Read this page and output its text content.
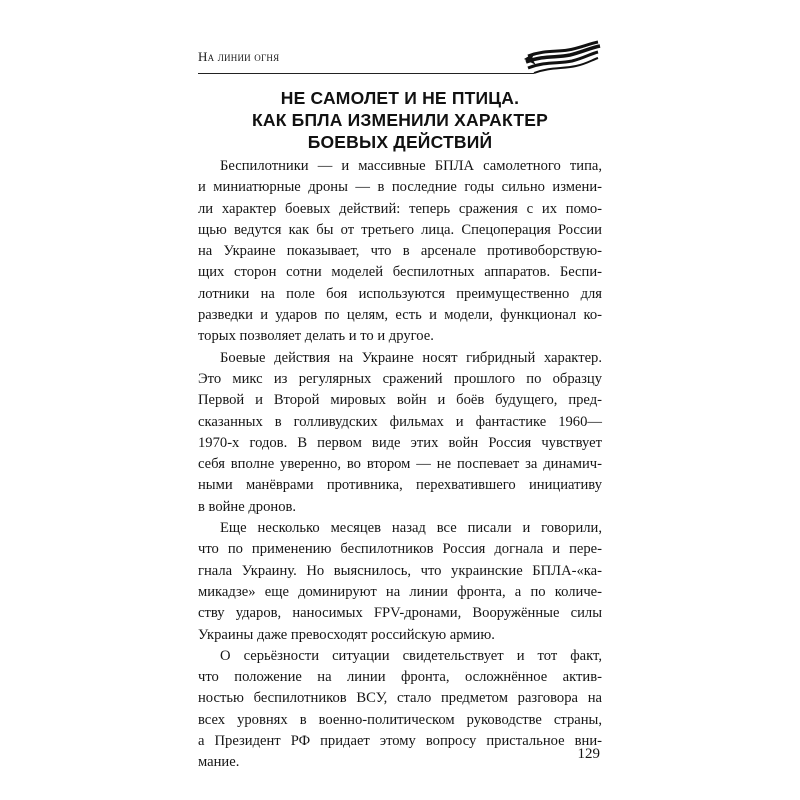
На линии огня
НЕ САМОЛЕТ И НЕ ПТИЦА.
КАК БПЛА ИЗМЕНИЛИ ХАРАКТЕР
БОЕВЫХ ДЕЙСТВИЙ

Беспилотники — и массивные БПЛА самолетного типа,
и миниатюрные дроны — в последние годы сильно измени-
ли характер боевых действий: теперь сражения с их помо-
щью ведутся как бы от третьего лица. Спецоперация России
на Украине показывает, что в арсенале противоборствую-
щих сторон сотни моделей беспилотных аппаратов. Беспи-
лотники на поле боя используются преимущественно для
разведки и ударов по целям, есть и модели, функционал ко-
торых позволяет делать и то и другое.

Боевые действия на Украине носят гибридный характер.
Это микс из регулярных сражений прошлого по образцу
Первой и Второй мировых войн и боёв будущего, пред-
сказанных в голливудских фильмах и фантастике 1960—
1970-х годов. В первом виде этих войн Россия чувствует
себя вполне уверенно, во втором — не поспевает за динамич-
ными манёврами противника, перехватившего инициативу
в войне дронов.

Еще несколько месяцев назад все писали и говорили,
что по применению беспилотников Россия догнала и пере-
гнала Украину. Но выяснилось, что украинские БПЛА-«ка-
микадзе» еще доминируют на линии фронта, а по количе-
ству ударов, наносимых FPV-дронами, Вооружённые силы
Украины даже превосходят российскую армию.

О серьёзности ситуации свидетельствует и тот факт,
что положение на линии фронта, осложнённое актив-
ностью беспилотников ВСУ, стало предметом разговора на
всех уровнях в военно-политическом руководстве страны,
а Президент РФ придает этому вопросу пристальное вни-
мание.

129
